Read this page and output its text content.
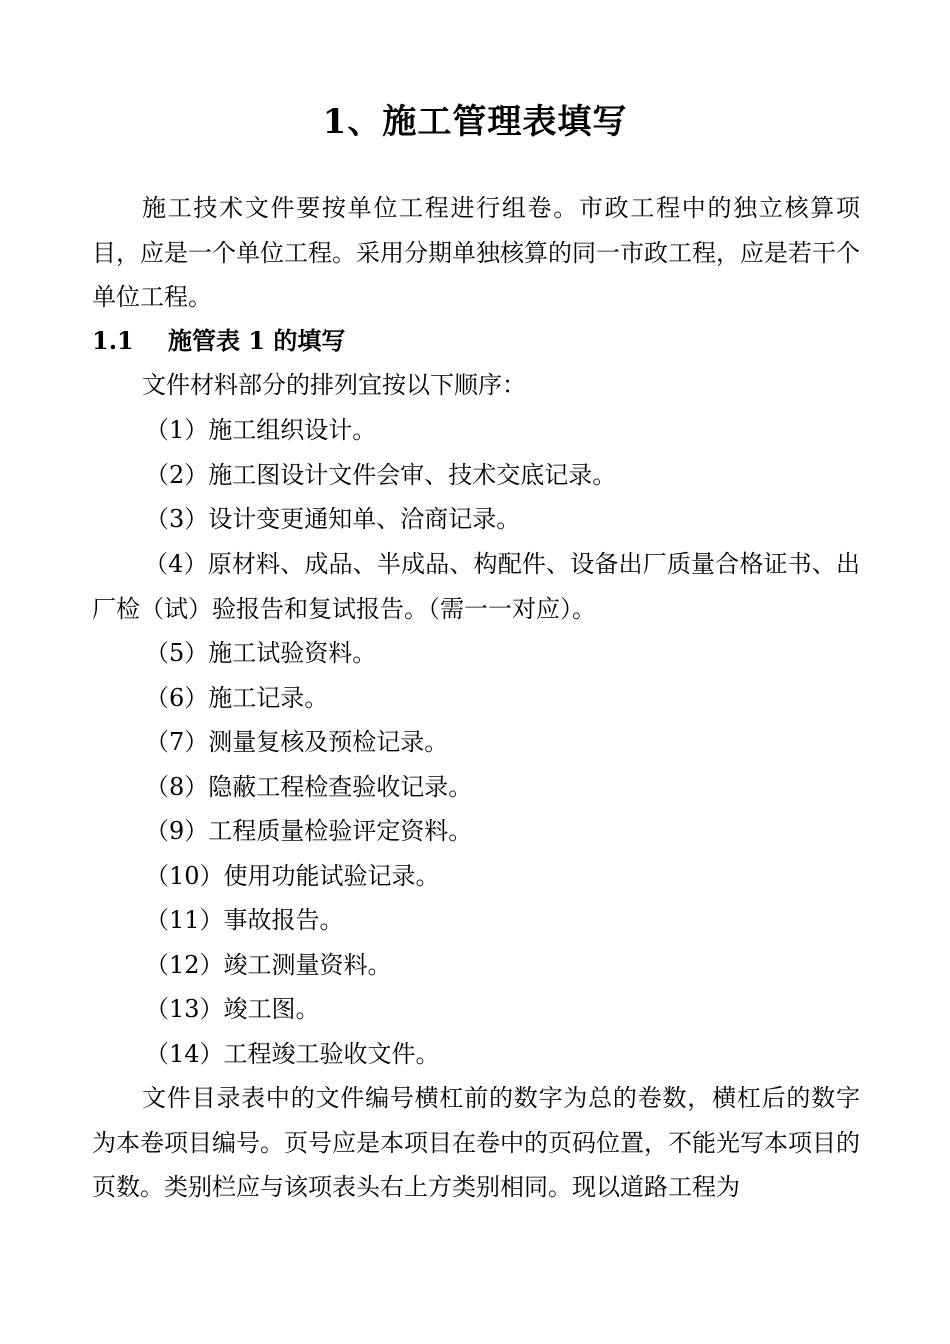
1、施工管理表填写

施工技术文件要按单位工程进行组卷。市政工程中的独立核算项目，应是一个单位工程。采用分期单独核算的同一市政工程，应是若干个单位工程。

1.1 施管表 1 的填写

文件材料部分的排列宜按以下顺序：

（1）施工组织设计。
（2）施工图设计文件会审、技术交底记录。
（3）设计变更通知单、洽商记录。

（4）原材料、成品、半成品、构配件、设备出厂质量合格证书、出厂检（试）验报告和复试报告。（需一一对应）。

（5）施工试验资料。
（6）施工记录。
（7）测量复核及预检记录。
（8）隐蔽工程检查验收记录。
（9）工程质量检验评定资料。
（10）使用功能试验记录。
（11）事故报告。
（12）竣工测量资料。
（13）竣工图。
（14）工程竣工验收文件。

文件目录表中的文件编号横杠前的数字为总的卷数，横杠后的数字为本卷项目编号。页号应是本项目在卷中的页码位置，不能光写本项目的页数。类别栏应与该项表头右上方类别相同。现以道路工程为
